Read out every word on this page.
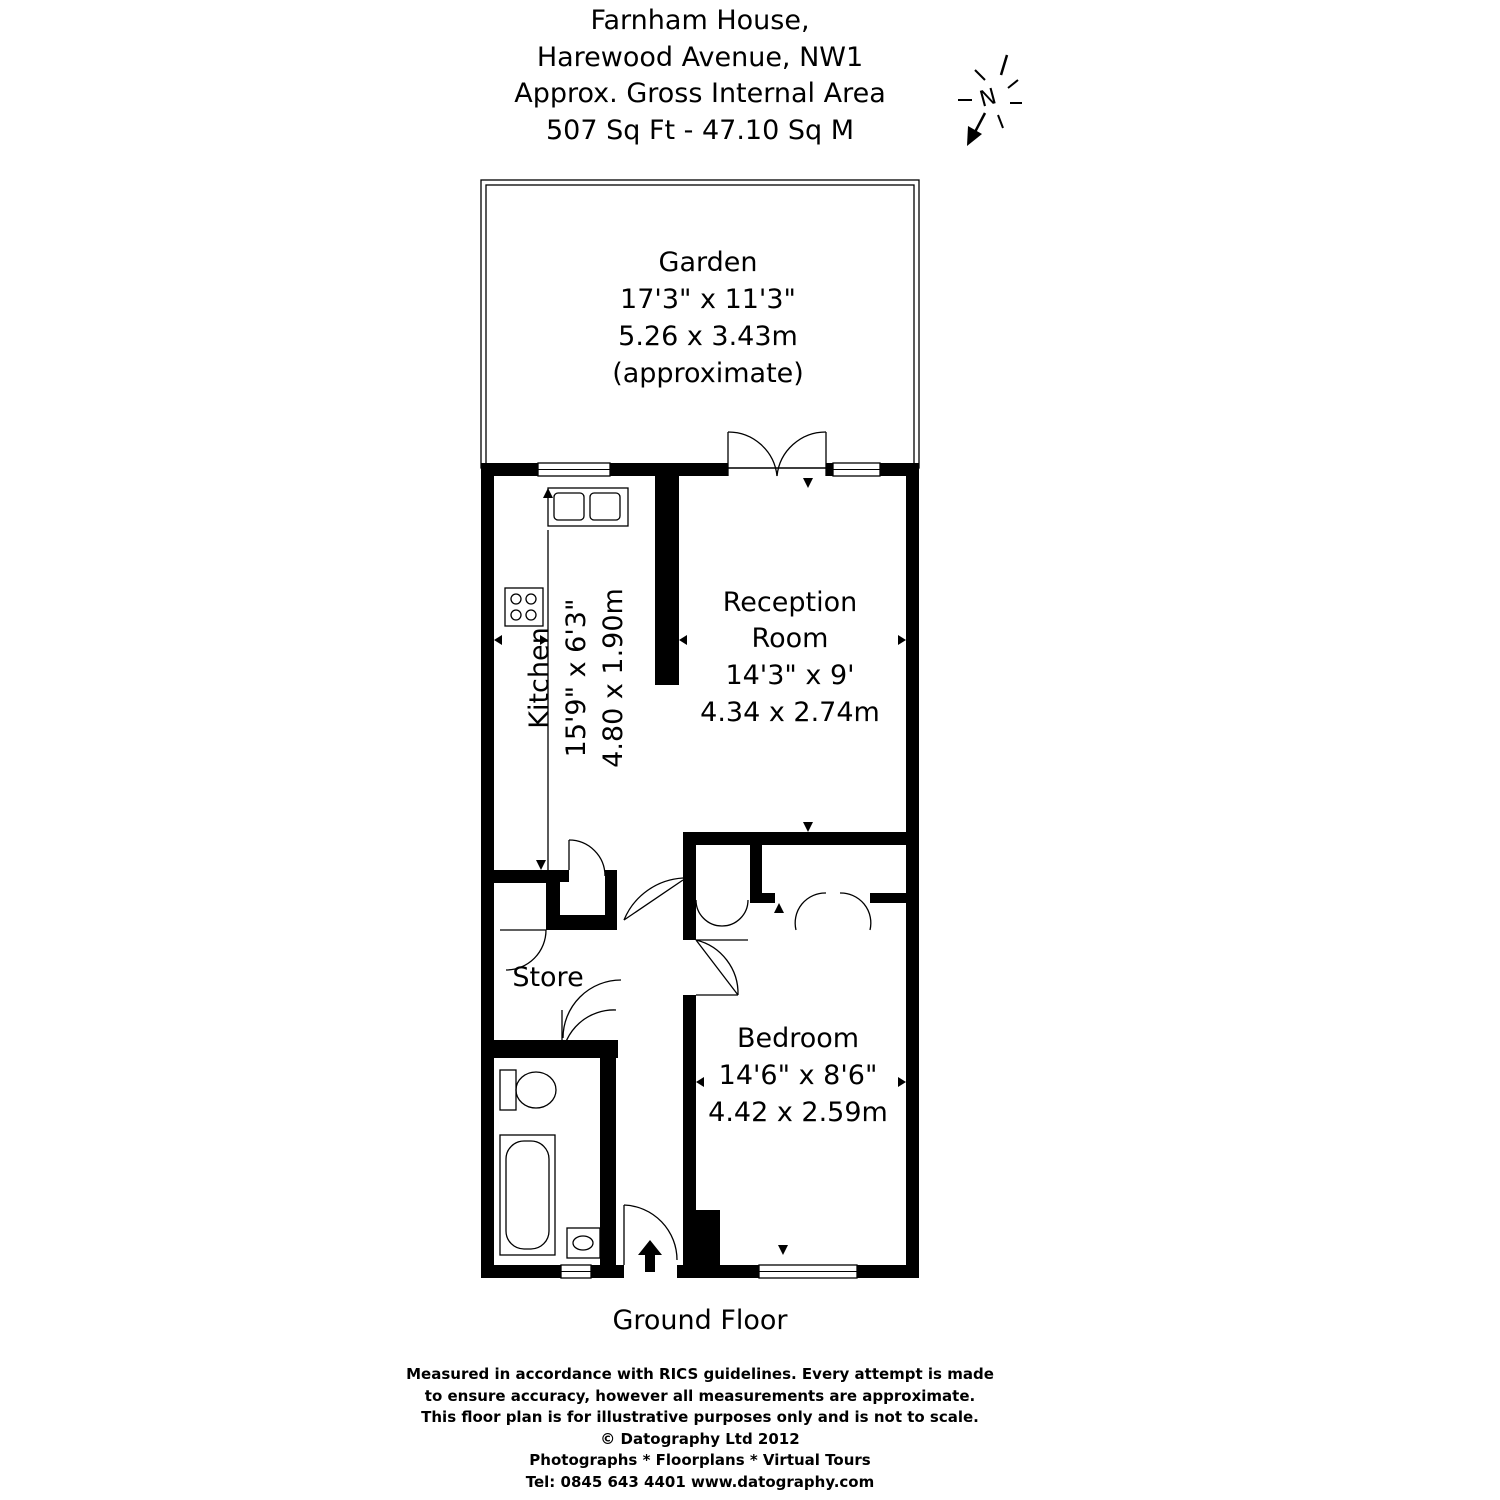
Farnham House,
Harewood Avenue, NW1
Approx. Gross Internal Area
507 Sq Ft - 47.10 Sq M
N
Garden
17'3" x 11'3"
5.26 x 3.43m
(approximate)
Reception
Room
14'3" x 9'
4.34 x 2.74m
Kitchen 15'9" x 6'3" 4.80 x 1.90m
Store
Bedroom
14'6" x 8'6"
4.42 x 2.59m
Ground Floor
Measured in accordance with RICS guidelines. Every attempt is made
to ensure accuracy, however all measurements are approximate.
This floor plan is for illustrative purposes only and is not to scale.
© Datography Ltd 2012
Photographs * Floorplans * Virtual Tours
Tel: 0845 643 4401 www.datography.com
